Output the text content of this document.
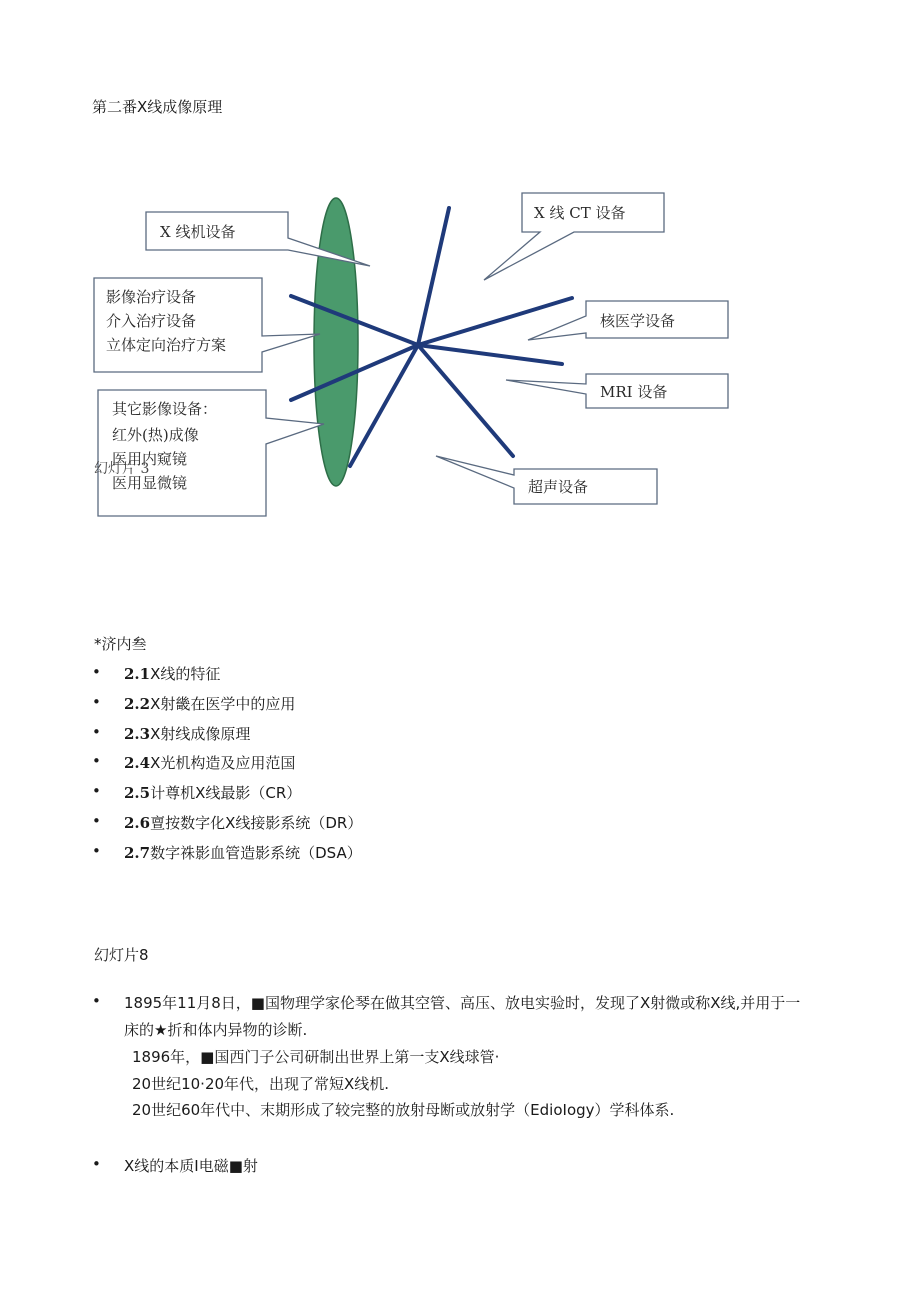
第二番X线成像原理
X 线机设备
影像治疗设备
介入治疗设备
立体定向治疗方案
其它影像设备：
红外(热)成像
医用内窥镜
医用显微镜
X 线 CT 设备
核医学设备
MRI 设备
超声设备
幻灯片 3
*济内叁
• 2.1X线的特征
• 2.2X射畿在医学中的应用
• 2.3X射线成像原理
• 2.4X光机构造及应用范国
• 2.5计尊机X线最影（CR）
• 2.6亶按数字化X线接影系统（DR）
• 2.7数字祩影血管造影系统（DSA）
幻灯片8
• 1895年11月8日，■国物理学家伦琴在做其空管、高压、放电实验时，发现了X射微或称X线,并用于一
床的★折和体内异物的诊断.
1896年，■国西门子公司研制出世界上第一支X线球管·
20世纪10·20年代，出现了常短X线机.
20世纪60年代中、末期形成了较完整的放射母断或放射学（EdioIogy）学科体系.
• X线的本质I电磁■射
